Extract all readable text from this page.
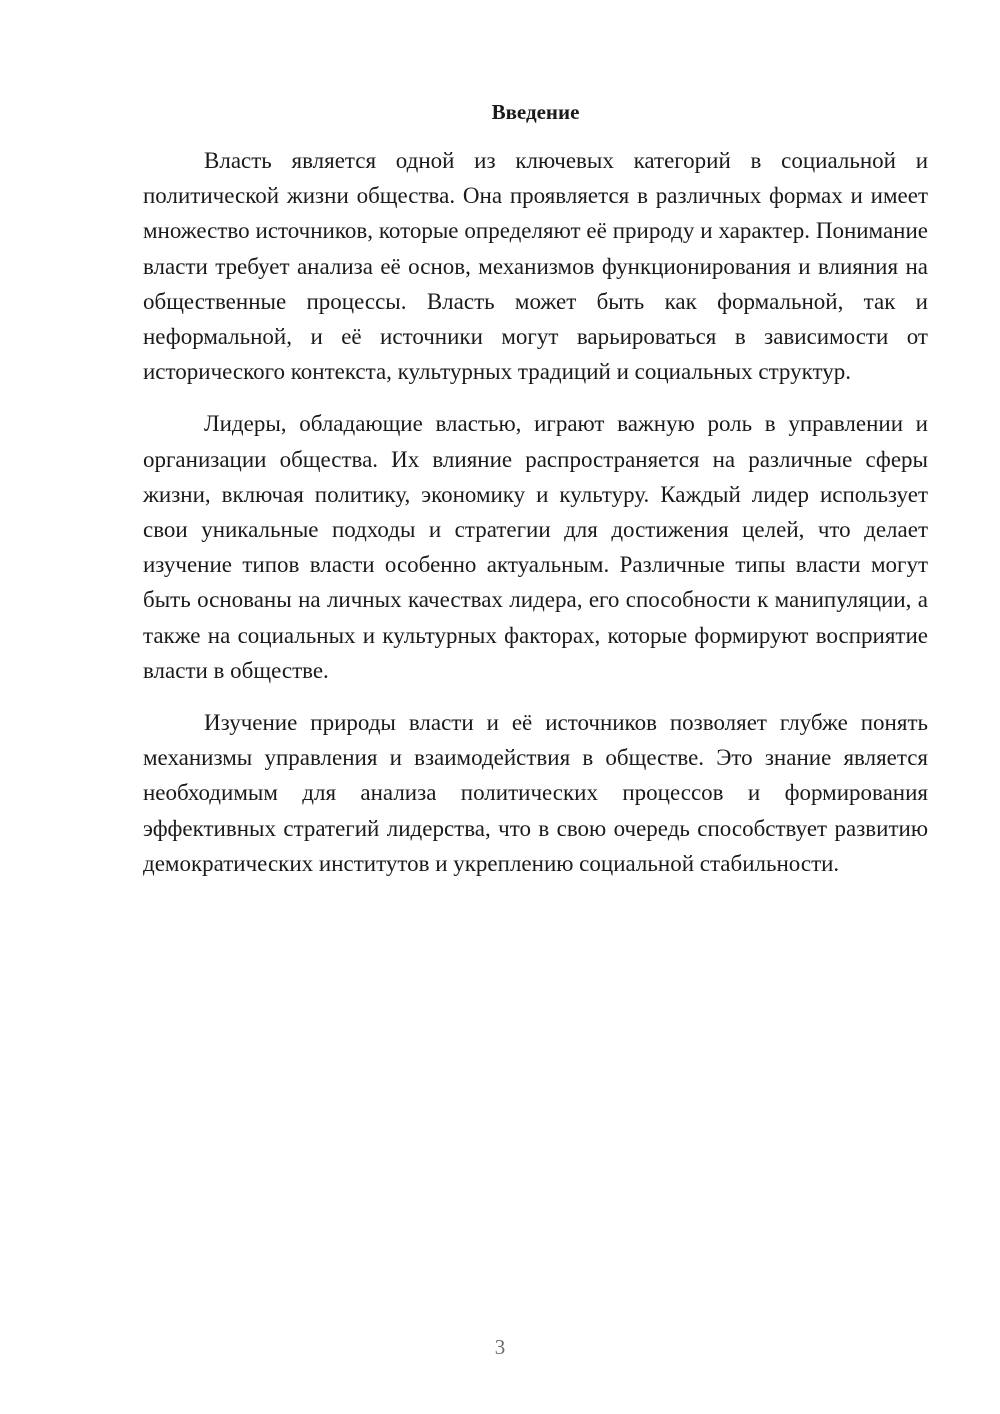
Введение

Власть является одной из ключевых категорий в социальной и политической жизни общества. Она проявляется в различных формах и имеет множество источников, которые определяют её природу и характер. Понимание власти требует анализа её основ, механизмов функционирования и влияния на общественные процессы. Власть может быть как формальной, так и неформальной, и её источники могут варьироваться в зависимости от исторического контекста, культурных традиций и социальных структур.

Лидеры, обладающие властью, играют важную роль в управлении и организации общества. Их влияние распространяется на различные сферы жизни, включая политику, экономику и культуру. Каждый лидер использует свои уникальные подходы и стратегии для достижения целей, что делает изучение типов власти особенно актуальным. Различные типы власти могут быть основаны на личных качествах лидера, его способности к манипуляции, а также на социальных и культурных факторах, которые формируют восприятие власти в обществе.

Изучение природы власти и её источников позволяет глубже понять механизмы управления и взаимодействия в обществе. Это знание является необходимым для анализа политических процессов и формирования эффективных стратегий лидерства, что в свою очередь способствует развитию демократических институтов и укреплению социальной стабильности.

3
